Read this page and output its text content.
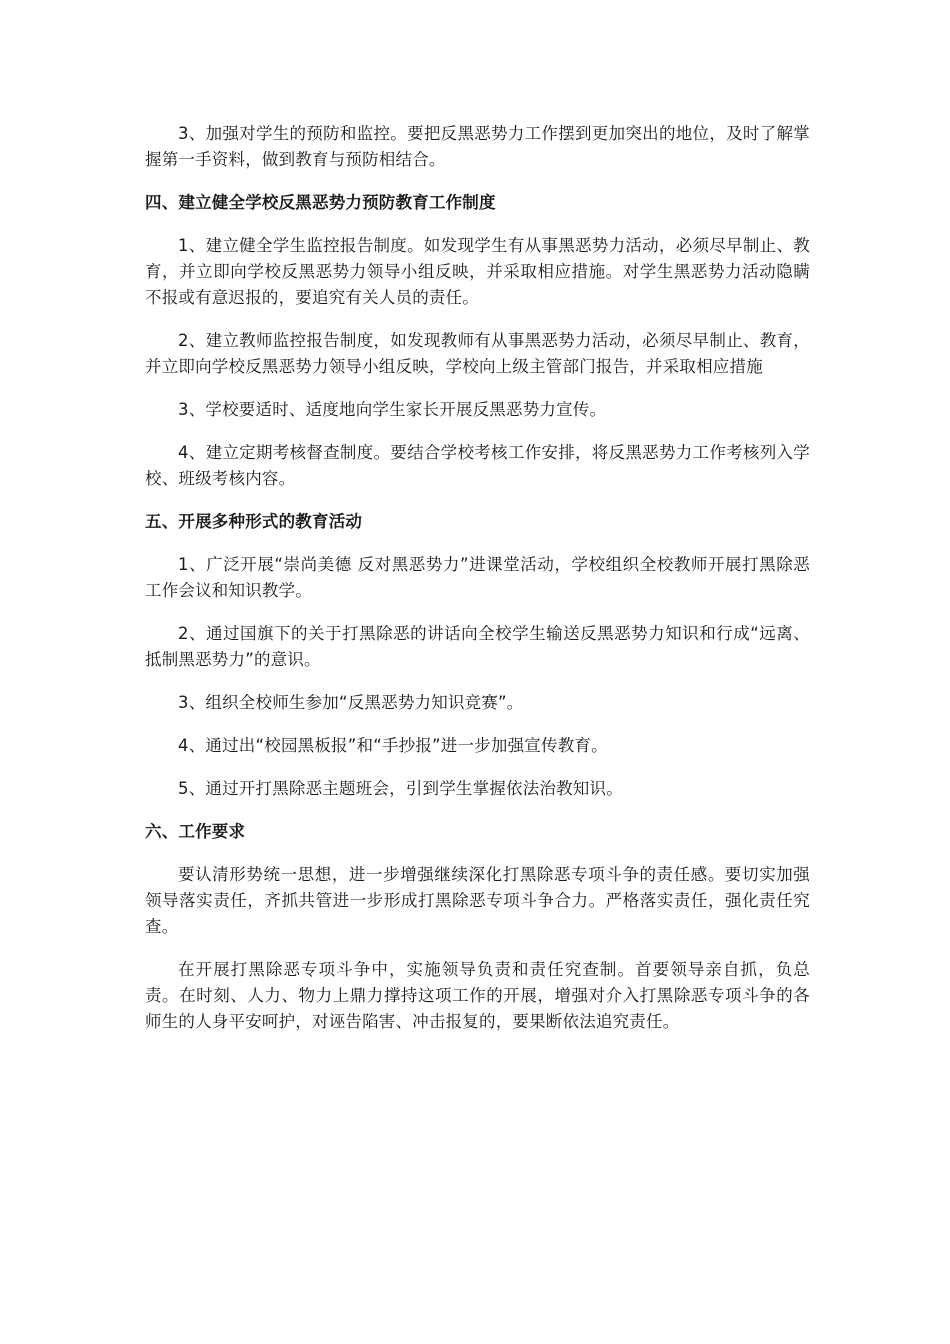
3、加强对学生的预防和监控。要把反黑恶势力工作摆到更加突出的地位，及时了解掌握第一手资料，做到教育与预防相结合。

四、建立健全学校反黑恶势力预防教育工作制度

1、建立健全学生监控报告制度。如发现学生有从事黑恶势力活动，必须尽早制止、教育，并立即向学校反黑恶势力领导小组反映，并采取相应措施。对学生黑恶势力活动隐瞒不报或有意迟报的，要追究有关人员的责任。

2、建立教师监控报告制度，如发现教师有从事黑恶势力活动，必须尽早制止、教育，并立即向学校反黑恶势力领导小组反映，学校向上级主管部门报告，并采取相应措施

3、学校要适时、适度地向学生家长开展反黑恶势力宣传。

4、建立定期考核督查制度。要结合学校考核工作安排，将反黑恶势力工作考核列入学校、班级考核内容。

五、开展多种形式的教育活动

1、广泛开展“崇尚美德 反对黑恶势力”进课堂活动，学校组织全校教师开展打黑除恶工作会议和知识教学。

2、通过国旗下的关于打黑除恶的讲话向全校学生输送反黑恶势力知识和行成“远离、抵制黑恶势力”的意识。

3、组织全校师生参加“反黑恶势力知识竞赛”。

4、通过出“校园黑板报”和“手抄报”进一步加强宣传教育。

5、通过开打黑除恶主题班会，引到学生掌握依法治教知识。

六、工作要求

要认清形势统一思想，进一步增强继续深化打黑除恶专项斗争的责任感。要切实加强领导落实责任，齐抓共管进一步形成打黑除恶专项斗争合力。严格落实责任，强化责任究查。

在开展打黑除恶专项斗争中，实施领导负责和责任究查制。首要领导亲自抓，负总责。在时刻、人力、物力上鼎力撑持这项工作的开展，增强对介入打黑除恶专项斗争的各师生的人身平安呵护，对诬告陷害、冲击报复的，要果断依法追究责任。
